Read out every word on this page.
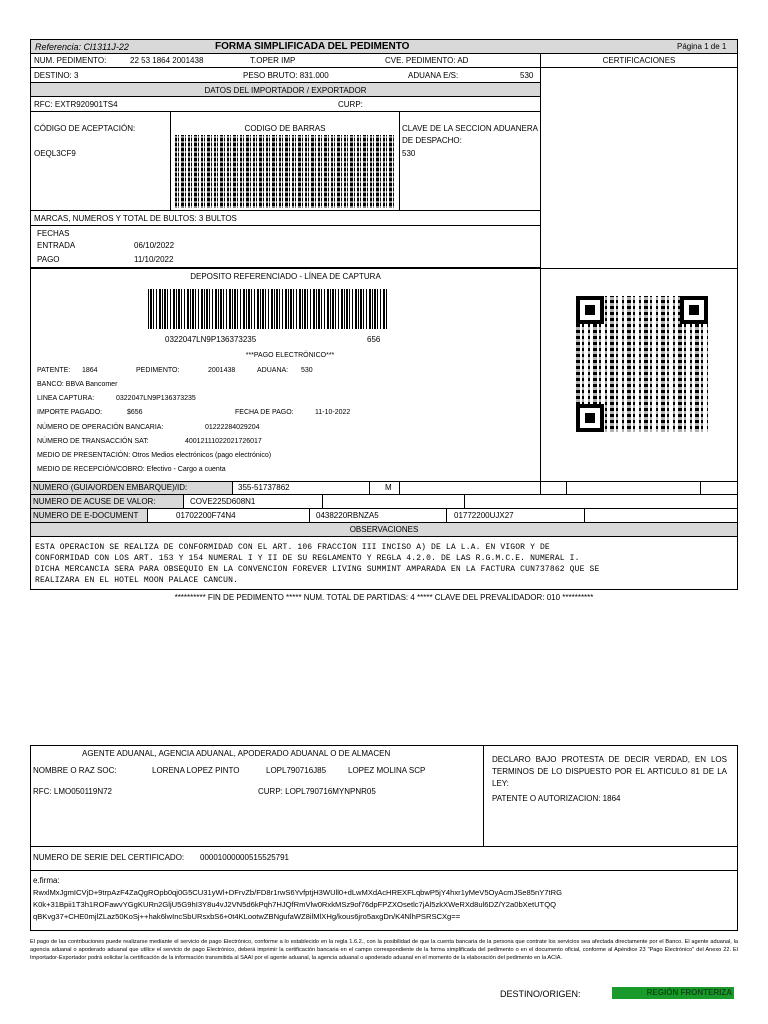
Referencia: Cl1311J-22	FORMA SIMPLIFICADA DEL PEDIMENTO	Página 1 de 1
NUM. PEDIMENTO:	22 53 1864 2001438	T.OPER IMP	CVE. PEDIMENTO: AD	CERTIFICACIONES
DESTINO: 3	PESO BRUTO: 831.000	ADUANA E/S:	530
DATOS DEL IMPORTADOR / EXPORTADOR
RFC: EXTR920901TS4	CURP:
CÓDIGO DE ACEPTACIÓN:
OEQL3CF9
CODIGO DE BARRAS	CLAVE DE LA SECCION ADUANERA DE DESPACHO:
530
MARCAS, NUMEROS Y TOTAL DE BULTOS: 3 BULTOS
FECHAS
ENTRADA	06/10/2022
PAGO	11/10/2022
DEPOSITO REFERENCIADO - LÍNEA DE CAPTURA
0322047LN9P136373235	656
***PAGO ELECTRÓNICO***
PATENTE: 1864	PEDIMENTO:	2001438	ADUANA: 530
BANCO: BBVA Bancomer
LINEA CAPTURA:	0322047LN9P136373235
IMPORTE PAGADO:	$656	FECHA DE PAGO:	11-10-2022
NÚMERO DE OPERACIÓN BANCARIA:	01222284029204
NÚMERO DE TRANSACCIÓN SAT:	40012111022021726017
MEDIO DE PRESENTACIÓN: Otros Medios electrónicos (pago electrónico)
MEDIO DE RECEPCIÓN/COBRO: Efectivo - Cargo a cuenta
NUMERO (GUIA/ORDEN EMBARQUE)/ID:	355-51737862	M
NUMERO DE ACUSE DE VALOR:	COVE225D608N1
NUMERO DE E-DOCUMENT	01702200F74N4	0438220RBNZA5	01772200UJX27
OBSERVACIONES
ESTA OPERACION SE REALIZA DE CONFORMIDAD CON EL ART. 106 FRACCION III INCISO A) DE LA L.A. EN VIGOR Y DE
CONFORMIDAD CON LOS ART. 153 Y 154 NUMERAL I Y II DE SU REGLAMENTO Y REGLA 4.2.0. DE LAS R.G.M.C.E. NUMERAL I.
DICHA MERCANCIA SERA PARA OBSEQUIO EN LA CONVENCION FOREVER LIVING SUMMINT AMPARADA EN LA FACTURA CUN737862 QUE SE
REALIZARA EN EL HOTEL MOON PALACE CANCUN.
********** FIN DE PEDIMENTO ***** NUM. TOTAL DE PARTIDAS: 4 ***** CLAVE DEL PREVALIDADOR: 010 **********
AGENTE ADUANAL, AGENCIA ADUANAL, APODERADO ADUANAL O DE ALMACEN
NOMBRE O RAZ SOC:	LORENA LOPEZ PINTO	LOPL790716J85	LOPEZ MOLINA SCP
RFC: LMO050119N72	CURP: LOPL790716MYNPNR05
DECLARO BAJO PROTESTA DE DECIR VERDAD, EN LOS TERMINOS DE LO DISPUESTO POR EL ARTICULO 81 DE LA LEY:
PATENTE O AUTORIZACION: 1864
NUMERO DE SERIE DEL CERTIFICADO: 00001000000515525791
e.firma:
RwxlMxJgmICVjD+9trpAzF4ZaQgROpb0qj0G5CU31yWl+DFrvZb/FD8r1rwS6YvfptjH3WUll0+dLwMXdAcHREXFLqbwP5jY4hxr1yMeV5OyAcmJSe85nY7tRG
K0k+31Bpii1T3h1ROFawvYGgKURn2GljU5G9hI3Y8u4vJ2VN5d6kPqh7HJQfRmVlw0RxkMSz9of76dpFPZXOsetlc7jAl5zkXWeRXd8ul6DZ/Y2a0bXetUTQQ
qBKvg37+CHE0mjlZLaz50KoSj++hak6lwIncSbURsxbS6+0t4KLootwZBNgufaWZ8ilMlXHg/kous6jro5axgDn/K4NlhPSRSCXg==
El pago de las contribuciones puede realizarse mediante el servicio de pago Electrónico, conforme a lo establecido en la regla 1.6.2., con la posibilidad de que la cuenta bancaria de la persona que contrate los servicios sea afectada directamente por el Banco. El agente aduanal, la agencia aduanal o apoderado aduanal que utilice el servicio de pago Electrónico, deberá imprimir la certificación bancaria en el campo correspondiente de la forma simplificada del pedimento o en el documento oficial, conforme al Apéndice 23 "Pago Electrónico" del Anexo 22. El Importador-Exportador podrá solicitar la certificación de la información transmitida al SAAI por el agente aduanal, la agencia aduanal o apoderado aduanal en el momento de la elaboración del pedimento en la ACIA.
DESTINO/ORIGEN:	REGIÓN FRONTERIZA
